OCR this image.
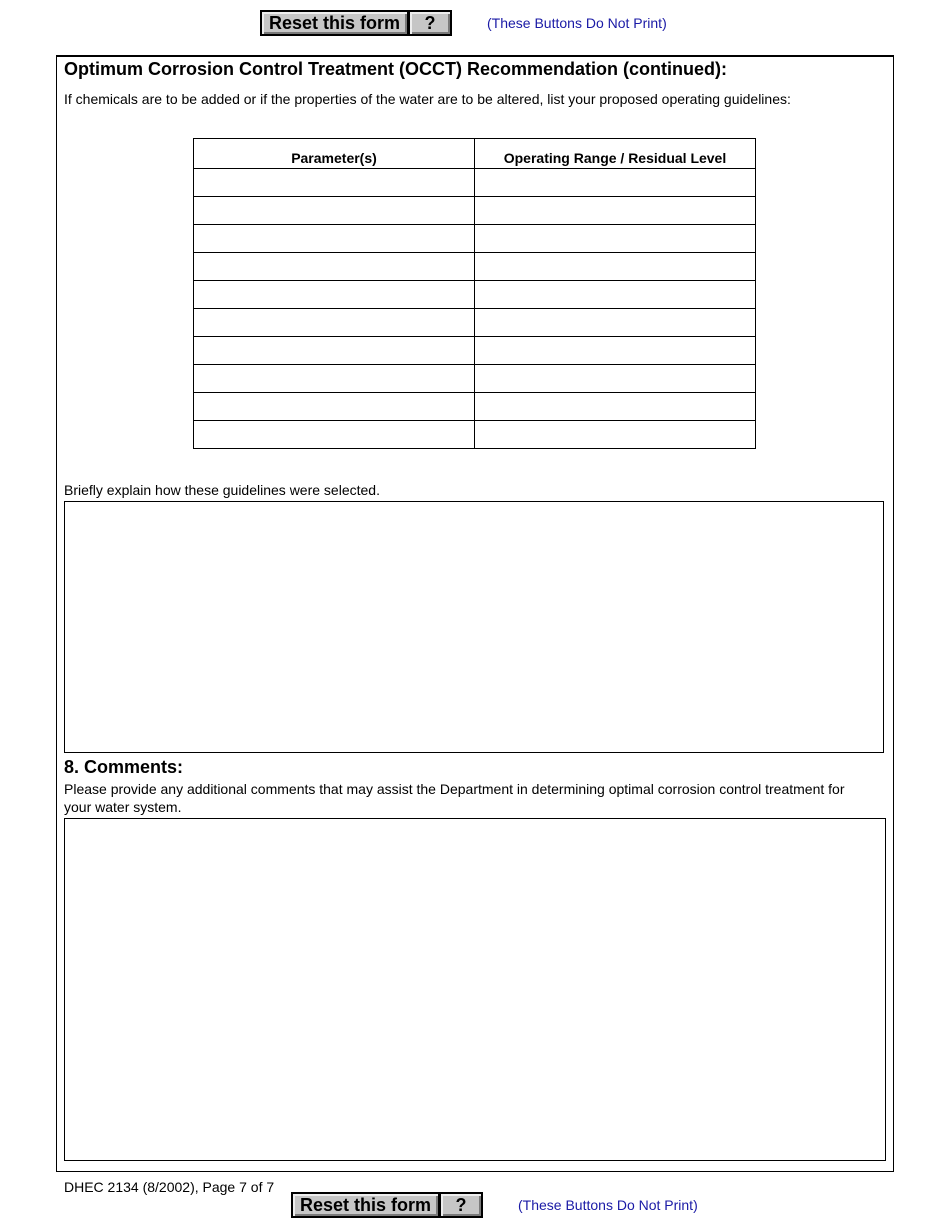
Reset this form	?	(These Buttons Do Not Print)
Optimum Corrosion Control Treatment (OCCT) Recommendation (continued):
If chemicals are to be added or if the properties of the water are to be altered, list your proposed operating guidelines:
Parameter(s)	Operating Range / Residual Level

Briefly explain how these guidelines were selected.
8. Comments:
Please provide any additional comments that may assist the Department in determining optimal corrosion control treatment for your water system.
DHEC 2134 (8/2002), Page 7 of 7
Reset this form	?	(These Buttons Do Not Print)
